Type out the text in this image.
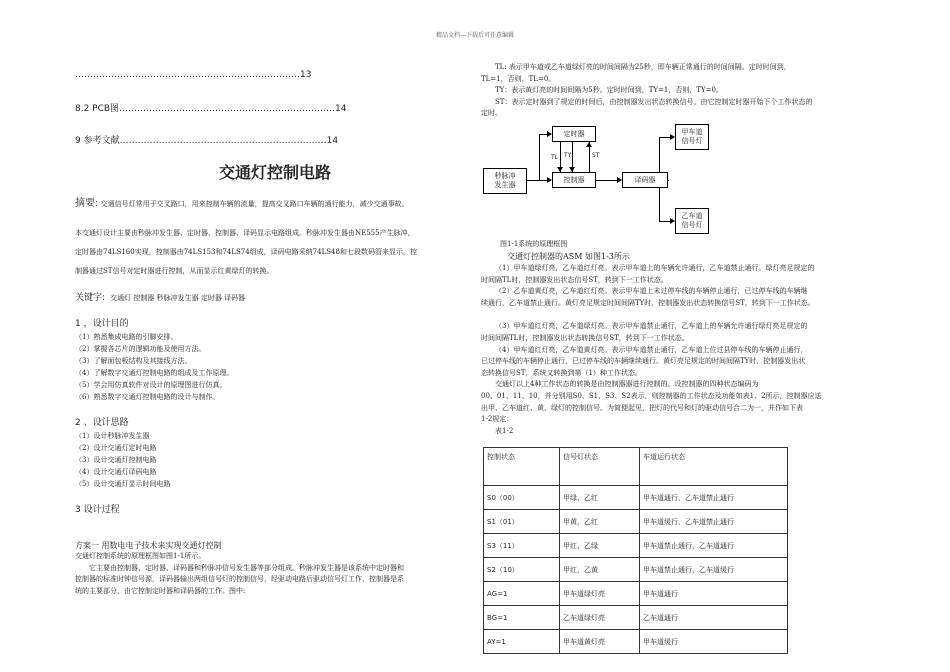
精品文档---下载后可任意编辑
…………………………………………………………………13
8.2 PCB图………………………………………………………………14
9 参考文献……………………………………………………………14
交通灯控制电路
摘要: 交通信号灯常用于交叉路口，用来控制车辆的流量，提高交叉路口车辆的通行能力，减少交通事故。
本交通灯设计主要由秒脉冲发生器、定时器、控制器、译码显示电路组成。秒脉冲发生器由NE555产生脉冲，
定时器由74LS160实现，控制器由74LS153和74LS74组成，译码电路采纳74LS48和七段数码管来显示。控
制器通过ST信号对定时器进行控制，从而显示红黄绿灯的转换。
关键字: 交通灯 控制器 秒脉冲发生器 定时器 译码器
1 ，设计目的
（1）熟悉集成电路的引脚安排。
（2）掌握各芯片的逻辑功能及使用方法。
（3）了解面包板结构及其接线方法。
（4）了解数字交通灯控制电路的组成及工作原理。
（5）学会用仿真软件对设计的原理图进行仿真。
（6）熟悉数字交通灯控制电路的设计与制作。
2 、设计思路
（1）设计秒脉冲发生器
（2）设计交通灯定时电路
（3）设计交通灯控制电路
（4）设计交通灯译码电路
（5）设计交通灯显示时间电路
3 设计过程
方案一 用数电电子技术来实现交通灯控制
交通灯控制系统的原理框图如图1-1所示。
它主要由控制器、定时器、译码器和秒脉冲信号发生器等部分组成。秒脉冲发生器是该系统中定时器和
控制器的标准时钟信号源，译码器输出两组信号灯的控制信号，经驱动电路后驱动信号灯工作，控制器是系
统的主要部分，由它控制定时器和译码器的工作。图中:
TL: 表示甲车道或乙车道绿灯亮的时间间隔为25秒，即车辆正常通行的时间间隔。定时时间到，
TL=1，否则，TL=0。
TY：表示黄灯亮的时间间隔为5秒。定时时间到，TY=1，否则，TY=0。
ST：表示定时器到了规定的时间后，由控制器发出状态转换信号。由它控制定时器开始下个工作状态的
定时。
秒脉冲
发生器
定时器
控制器	译码器
甲车道
信号灯
乙车道
信号灯
TL TY	ST
图1-1系统的原理框图
交通灯控制器的ASM 如图1-3所示
（1）甲车道绿灯亮，乙车道红灯亮。表示甲车道上的车辆允许通行，乙车道禁止通行。绿灯亮足规定的
时间隔TL时，控制器发出状态信号ST，转到下一工作状态。
（2）乙车道黄灯亮，乙车道红灯亮。表示甲车道上未过停车线的车辆停止通行，已过停车线的车辆继
续通行，乙车道禁止通行。黄灯亮足规定时间间隔TY时，控制器发出状态转换信号ST，转到下一工作状态。
（3）甲车道红灯亮，乙车道绿灯亮。表示甲车道禁止通行，乙车道上的车辆允许通行绿灯亮足规定的
时间间隔TL时，控制器发出状态转换信号ST，转到下一工作状态。
（4）甲车道红灯亮，乙车道黄灯亮。表示甲车道禁止通行，乙车道上位过县停车线的车辆停止通行，
已过停车线的车辆停止通行，已过停车线的车辆继续通行。黄灯亮足规定的时间间隔TY时，控制器发出状
态转换信号ST，系统又转换到第（1）种工作状态。
交通灯以上4种工作状态的转换是由控制器器进行控制的。设控制器的四种状态编码为
00、01、11、10，并分别用S0、S1、S3、S2表示，则控制器的工作状态及功能如表1、2所示，控制器应送
出甲、乙车道红、黄、绿灯的控制信号。为简便起见，把灯的代号和灯的驱动信号合二为一，并作如下表
1-2规定：
表1-2
控制状态	信号灯状态	车道运行状态
S0（00）	甲绿、乙红	甲车道通行，乙车道禁止通行
S1（01）	甲黄，乙红	甲车道缓行，乙车道禁止通行
S3（11）	甲红、乙绿	甲车道禁止通行，乙车道通行
S2（10）	甲红，乙黄	甲车道禁止通行，乙车道缓行
AG=1	甲车道绿灯亮	甲车道通行
BG=1	乙车道绿灯亮	乙车道通行
AY=1	甲车道黄灯亮	甲车道缓行
